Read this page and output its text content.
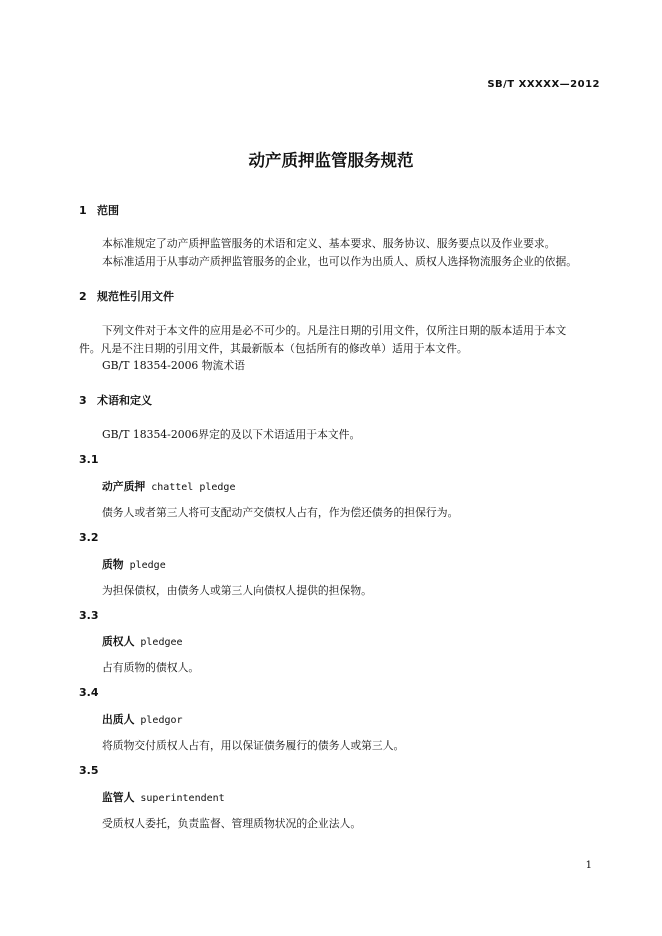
SB/T XXXXX—2012
动产质押监管服务规范
1 范围
本标准规定了动产质押监管服务的术语和定义、基本要求、服务协议、服务要点以及作业要求。
本标准适用于从事动产质押监管服务的企业，也可以作为出质人、质权人选择物流服务企业的依据。
2 规范性引用文件
下列文件对于本文件的应用是必不可少的。凡是注日期的引用文件，仅所注日期的版本适用于本文
件。凡是不注日期的引用文件，其最新版本（包括所有的修改单）适用于本文件。
GB/T 18354-2006 物流术语
3 术语和定义
GB/T 18354-2006界定的及以下术语适用于本文件。
3.1
动产质押 chattel pledge
债务人或者第三人将可支配动产交债权人占有，作为偿还债务的担保行为。
3.2
质物 pledge
为担保债权，由债务人或第三人向债权人提供的担保物。
3.3
质权人 pledgee
占有质物的债权人。
3.4
出质人 pledgor
将质物交付质权人占有，用以保证债务履行的债务人或第三人。
3.5
监管人 superintendent
受质权人委托，负责监督、管理质物状况的企业法人。
1
